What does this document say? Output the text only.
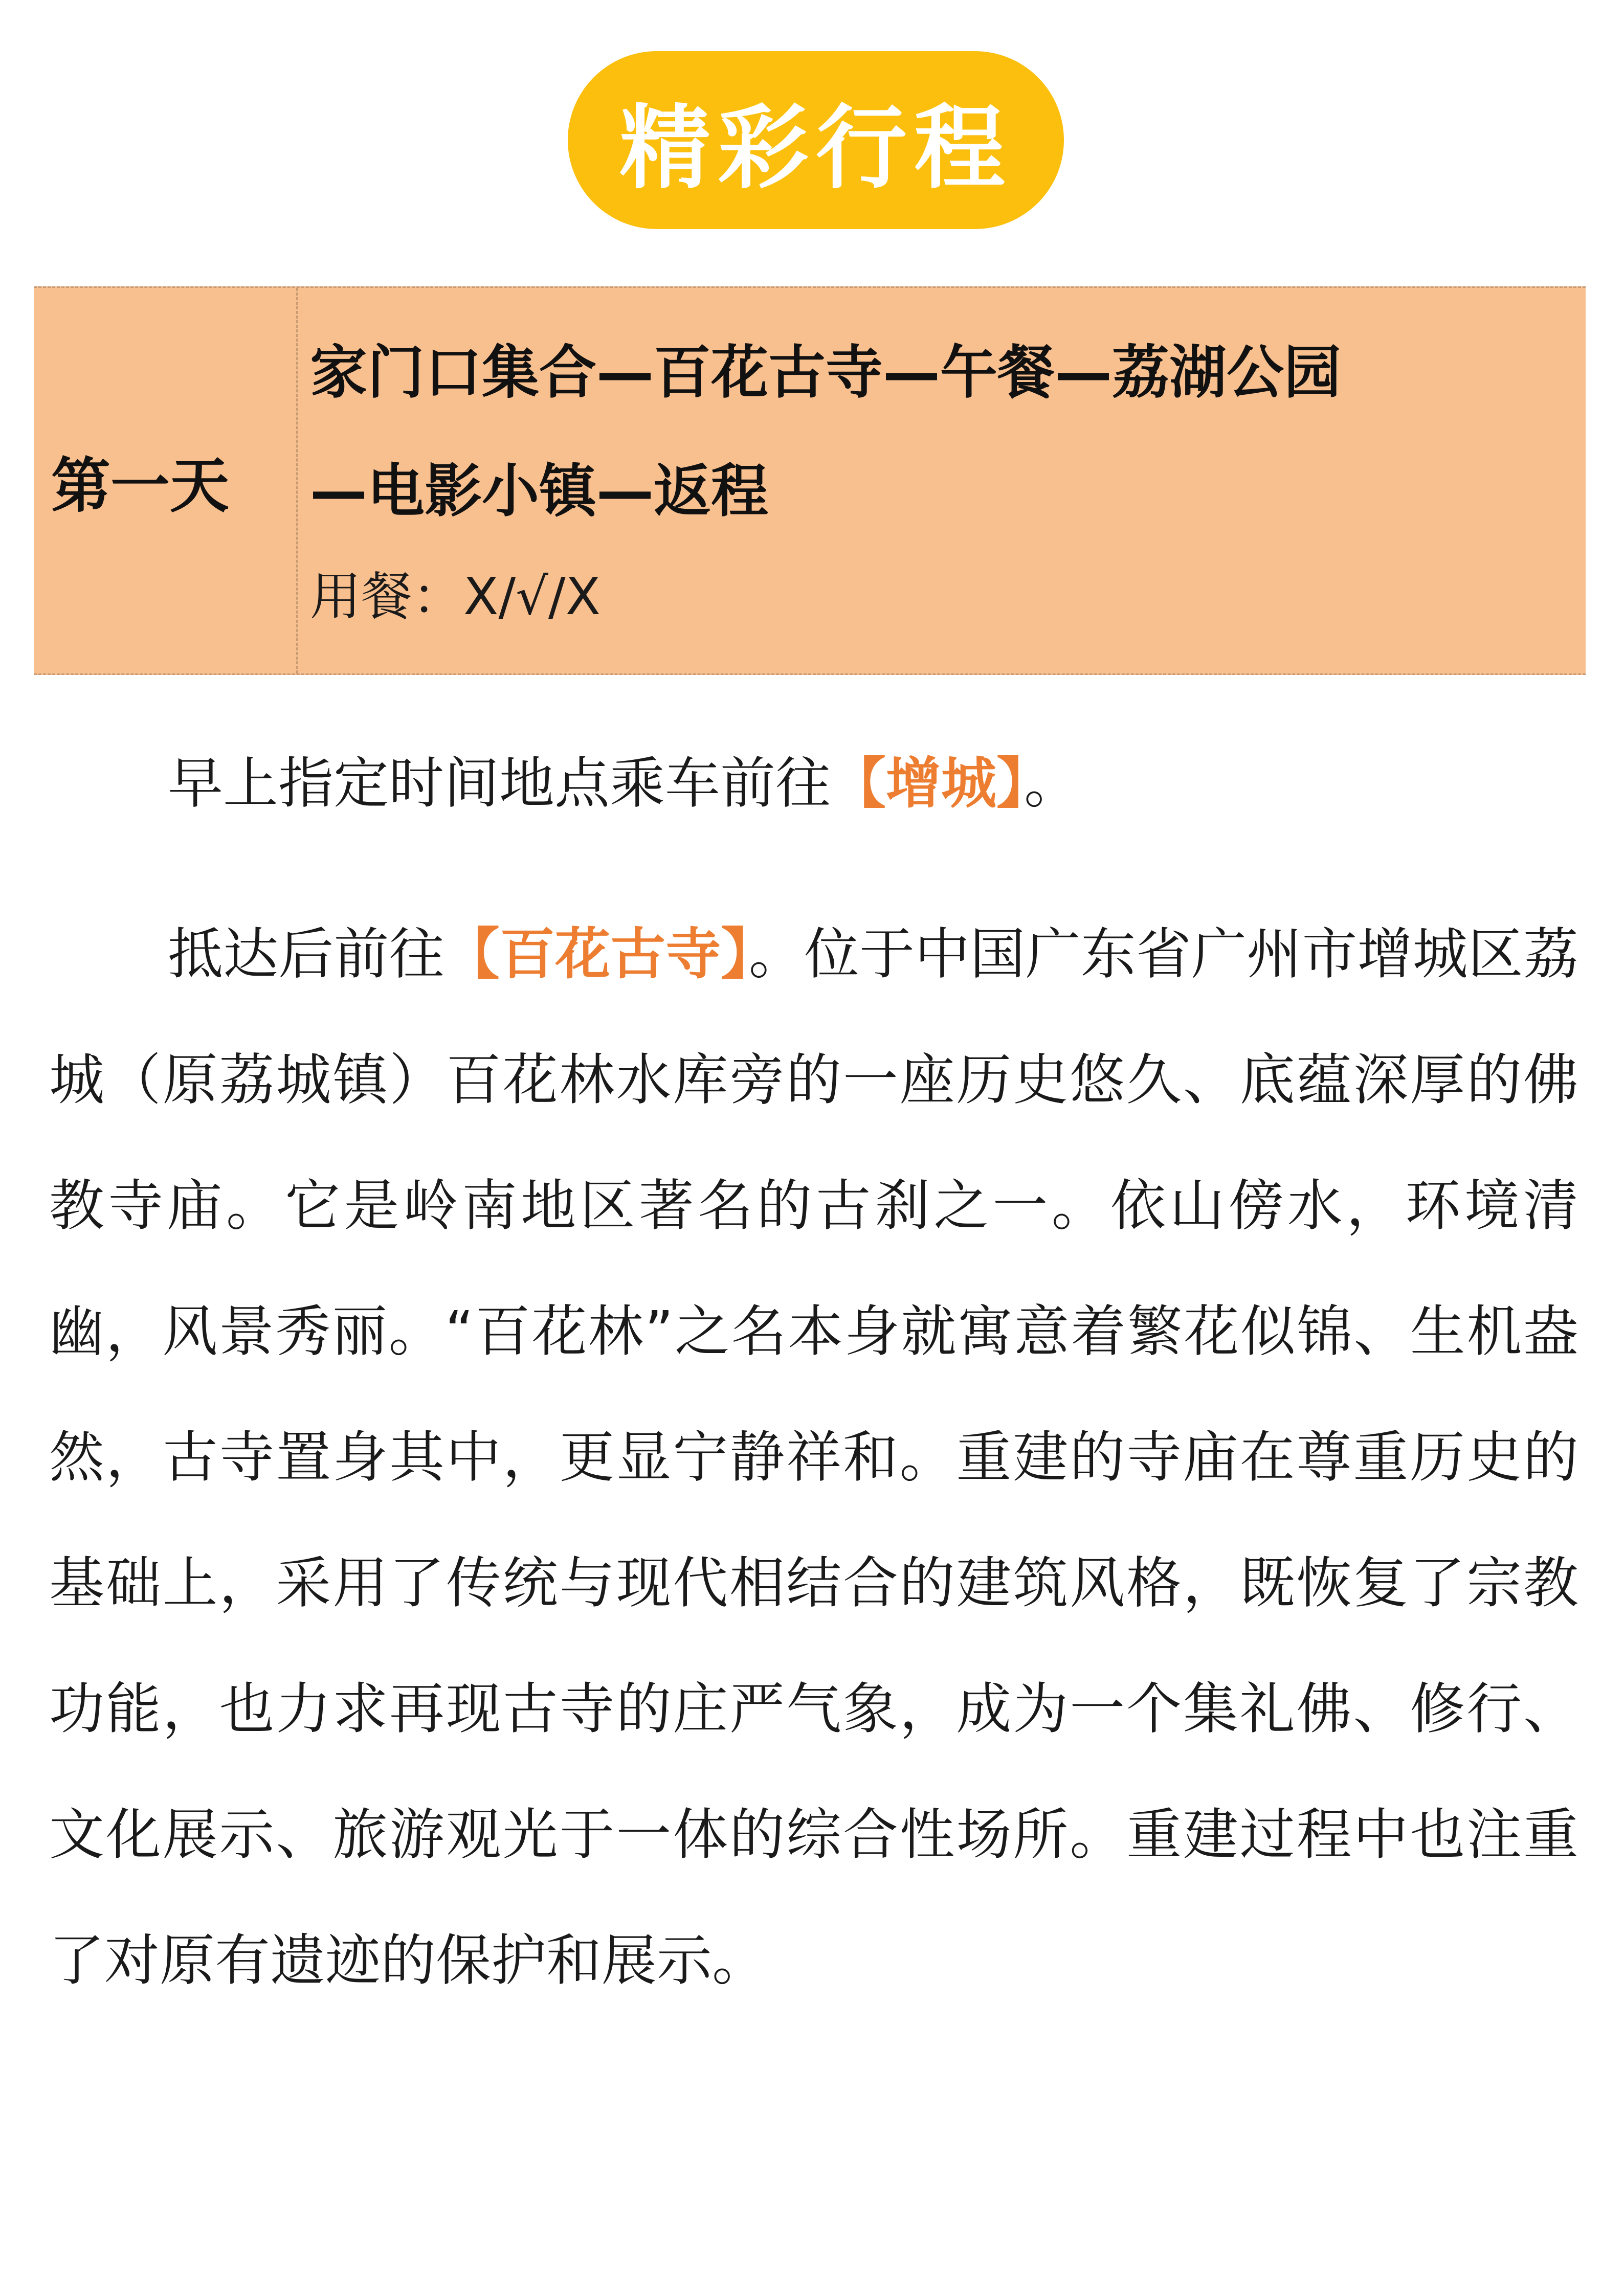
精彩行程
第一天

家门口集合—百花古寺—午餐—荔湖公园

—电影小镇—返程

用餐：X/√/X

早上指定时间地点乘车前往【增城】。

抵达后前往【百花古寺】。位于中国广东省广州市增城区荔城（原荔城镇）百花林水库旁的一座历史悠久、底蕴深厚的佛教寺庙。它是岭南地区著名的古刹之一。依山傍水，环境清幽，风景秀丽。“百花林”之名本身就寓意着繁花似锦、生机盎然，古寺置身其中，更显宁静祥和。重建的寺庙在尊重历史的基础上，采用了传统与现代相结合的建筑风格，既恢复了宗教功能，也力求再现古寺的庄严气象，成为一个集礼佛、修行、文化展示、旅游观光于一体的综合性场所。重建过程中也注重了对原有遗迹的保护和展示。
